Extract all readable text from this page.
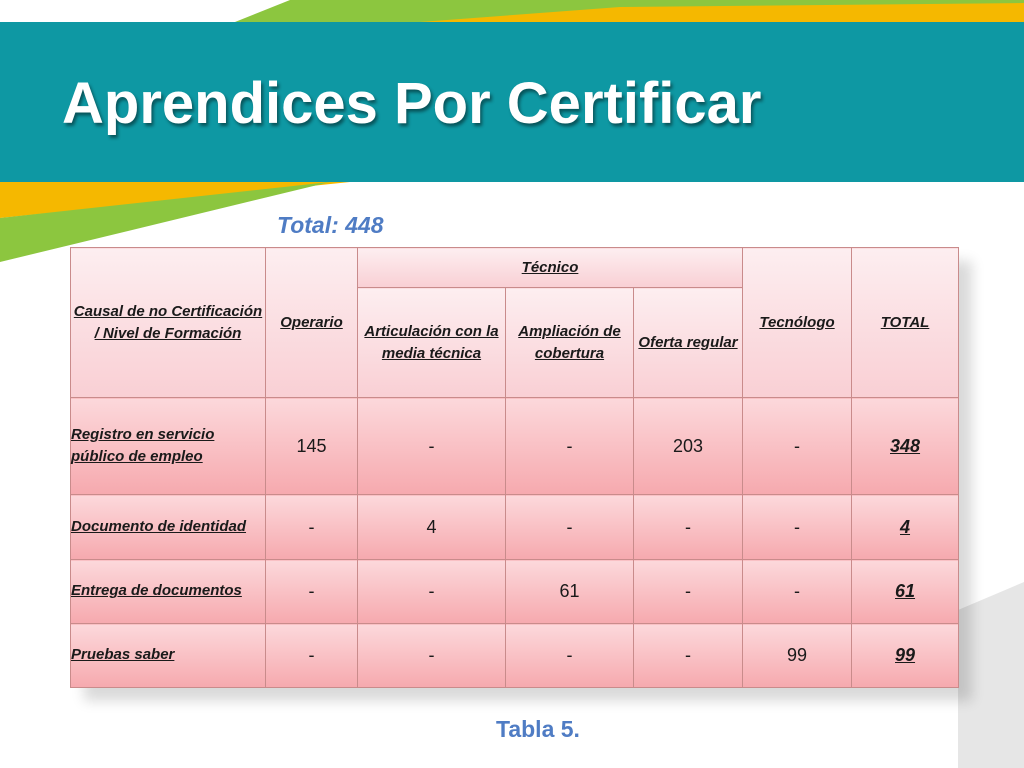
Aprendices Por Certificar
Total: 448
Causal de no Certificación / Nivel de Formación	Operario	Técnico			Tecnólogo	TOTAL
		Articulación con la media técnica	Ampliación de cobertura	Oferta regular		
Registro en servicio público de empleo	145	-	-	203	-	348
Documento de identidad	-	4	-	-	-	4
Entrega de documentos	-	-	61	-	-	61
Pruebas saber	-	-	-	-	99	99
Tabla 5.
